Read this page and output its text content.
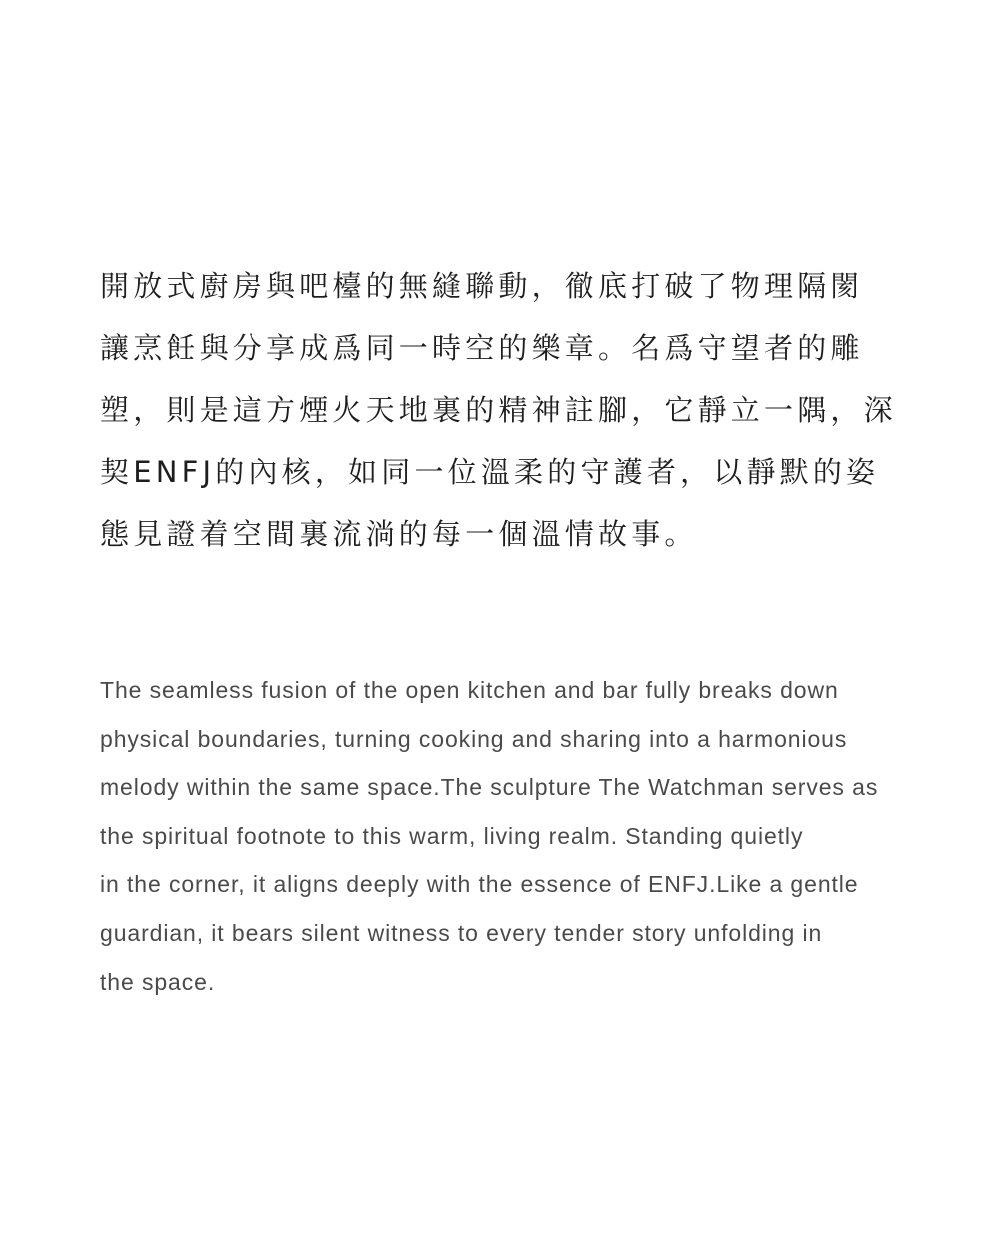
開放式廚房與吧檯的無縫聯動，徹底打破了物理隔閡
讓烹飪與分享成爲同一時空的樂章。名爲守望者的雕
塑，則是這方煙火天地裏的精神註腳，它靜立一隅，深
契ENFJ的內核，如同一位溫柔的守護者，以靜默的姿
態見證着空間裏流淌的每一個溫情故事。
The seamless fusion of the open kitchen and bar fully breaks down
physical boundaries, turning cooking and sharing into a harmonious
melody within the same space.The sculpture The Watchman serves as
the spiritual footnote to this warm, living realm. Standing quietly
in the corner, it aligns deeply with the essence of ENFJ.Like a gentle
guardian, it bears silent witness to every tender story unfolding in
the space.
